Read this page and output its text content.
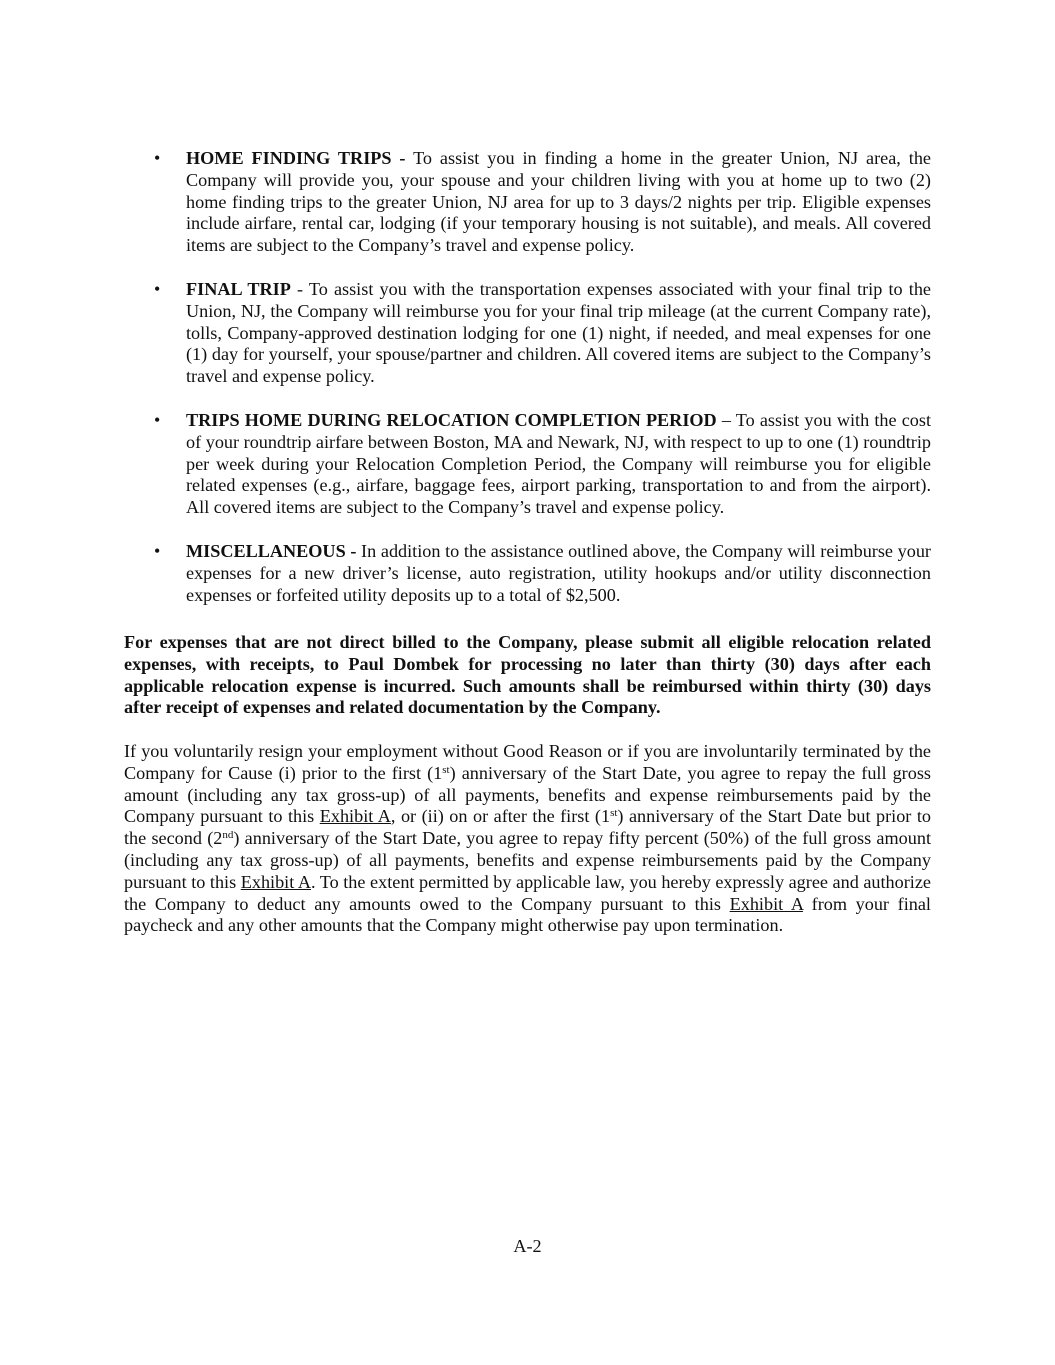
• HOME FINDING TRIPS - To assist you in finding a home in the greater Union, NJ area, the Company will provide you, your spouse and your children living with you at home up to two (2) home finding trips to the greater Union, NJ area for up to 3 days/2 nights per trip. Eligible expenses include airfare, rental car, lodging (if your temporary housing is not suitable), and meals. All covered items are subject to the Company’s travel and expense policy.
• FINAL TRIP - To assist you with the transportation expenses associated with your final trip to the Union, NJ, the Company will reimburse you for your final trip mileage (at the current Company rate), tolls, Company-approved destination lodging for one (1) night, if needed, and meal expenses for one (1) day for yourself, your spouse/partner and children. All covered items are subject to the Company’s travel and expense policy.
• TRIPS HOME DURING RELOCATION COMPLETION PERIOD – To assist you with the cost of your roundtrip airfare between Boston, MA and Newark, NJ, with respect to up to one (1) roundtrip per week during your Relocation Completion Period, the Company will reimburse you for eligible related expenses (e.g., airfare, baggage fees, airport parking, transportation to and from the airport). All covered items are subject to the Company’s travel and expense policy.
• MISCELLANEOUS - In addition to the assistance outlined above, the Company will reimburse your expenses for a new driver’s license, auto registration, utility hookups and/or utility disconnection expenses or forfeited utility deposits up to a total of $2,500.

For expenses that are not direct billed to the Company, please submit all eligible relocation related expenses, with receipts, to Paul Dombek for processing no later than thirty (30) days after each applicable relocation expense is incurred. Such amounts shall be reimbursed within thirty (30) days after receipt of expenses and related documentation by the Company.

If you voluntarily resign your employment without Good Reason or if you are involuntarily terminated by the Company for Cause (i) prior to the first (1st) anniversary of the Start Date, you agree to repay the full gross amount (including any tax gross-up) of all payments, benefits and expense reimbursements paid by the Company pursuant to this Exhibit A, or (ii) on or after the first (1st) anniversary of the Start Date but prior to the second (2nd) anniversary of the Start Date, you agree to repay fifty percent (50%) of the full gross amount (including any tax gross-up) of all payments, benefits and expense reimbursements paid by the Company pursuant to this Exhibit A. To the extent permitted by applicable law, you hereby expressly agree and authorize the Company to deduct any amounts owed to the Company pursuant to this Exhibit A from your final paycheck and any other amounts that the Company might otherwise pay upon termination.

A-2
